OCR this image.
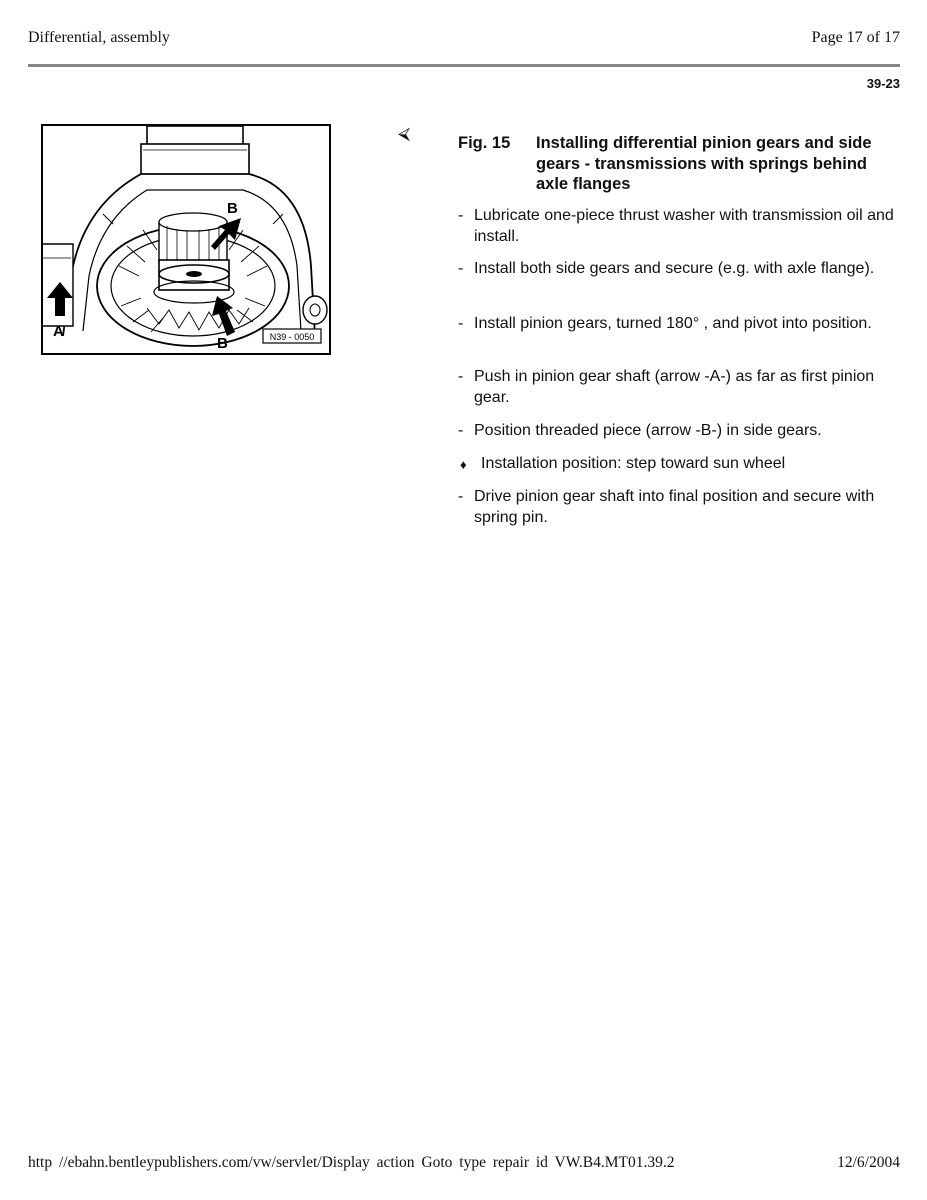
Differential, assembly	Page 17 of 17
39-23
A
B
B	N39 - 0050
⮘	Fig. 15 Installing differential pinion gears and side gears - transmissions with springs behind axle flanges
- Lubricate one-piece thrust washer with transmission oil and install.
- Install both side gears and secure (e.g. with axle flange).
- Install pinion gears, turned 180° , and pivot into position.
- Push in pinion gear shaft (arrow -A-) as far as first pinion gear.
- Position threaded piece (arrow -B-) in side gears.
♦ Installation position: step toward sun wheel
- Drive pinion gear shaft into final position and secure with spring pin.
http //ebahn.bentleypublishers.com/vw/servlet/Display action Goto type repair id VW.B4.MT01.39.2	12/6/2004
